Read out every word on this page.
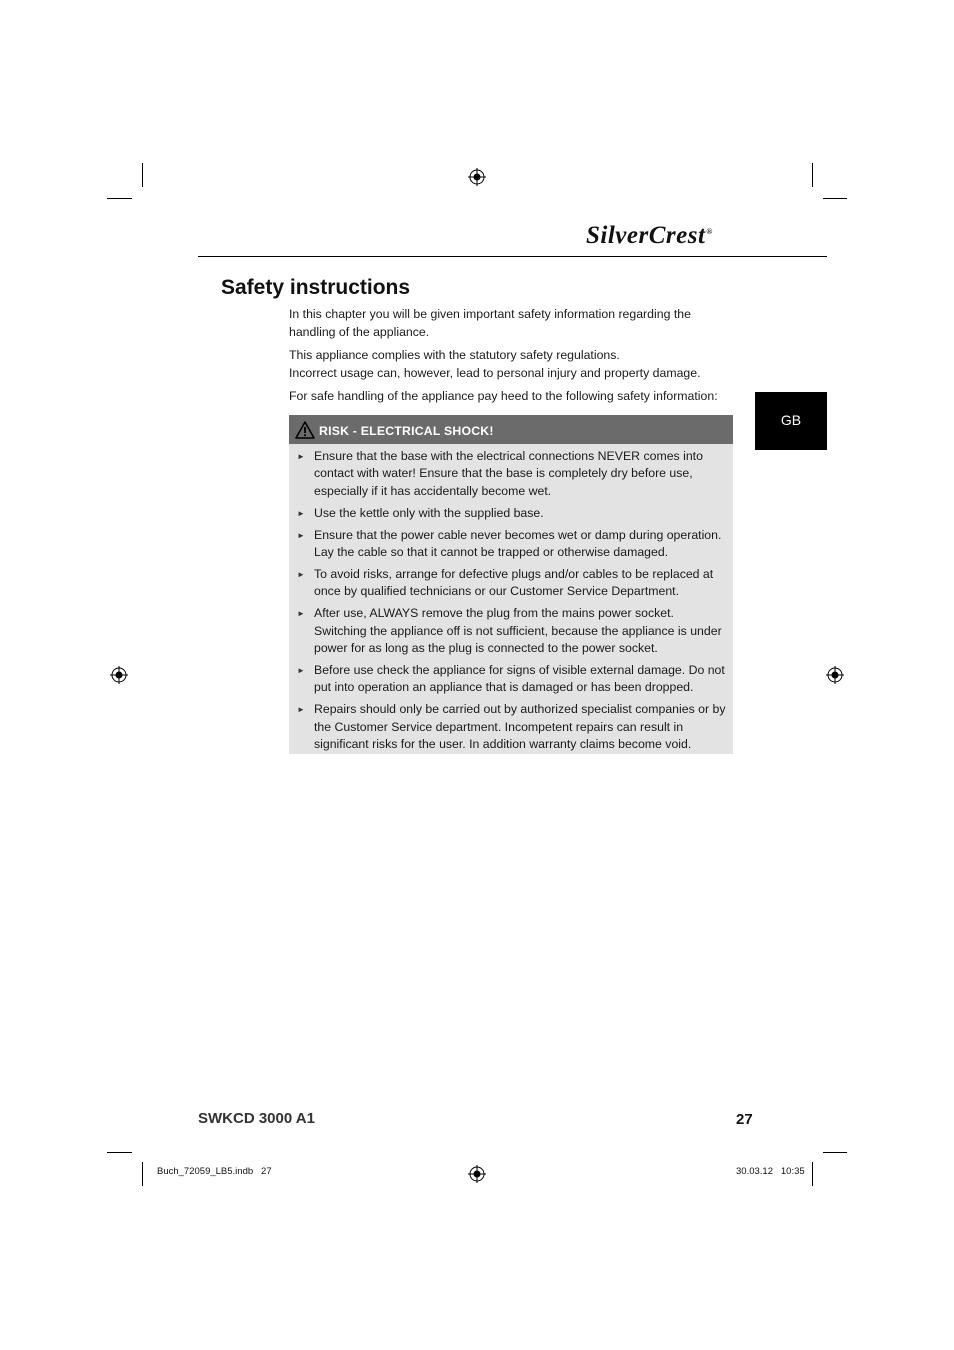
SilverCrest®
Safety instructions

In this chapter you will be given important safety information regarding the handling of the appliance.

This appliance complies with the statutory safety regulations.
Incorrect usage can, however, lead to personal injury and property damage.

For safe handling of the appliance pay heed to the following safety information:

GB
RISK - ELECTRICAL SHOCK!
► Ensure that the base with the electrical connections NEVER comes into contact with water! Ensure that the base is completely dry before use, especially if it has accidentally become wet.
► Use the kettle only with the supplied base.
► Ensure that the power cable never becomes wet or damp during operation. Lay the cable so that it cannot be trapped or otherwise damaged.
► To avoid risks, arrange for defective plugs and/or cables to be replaced at once by qualified technicians or our Customer Service Department.
► After use, ALWAYS remove the plug from the mains power socket. Switching the appliance off is not sufficient, because the appliance is under power for as long as the plug is connected to the power socket.
► Before use check the appliance for signs of visible external damage. Do not put into operation an appliance that is damaged or has been dropped.
► Repairs should only be carried out by authorized specialist companies or by the Customer Service department. Incompetent repairs can result in significant risks for the user. In addition warranty claims become void.
SWKCD 3000 A1	27
Buch_72059_LB5.indb   27	30.03.12   10:35
